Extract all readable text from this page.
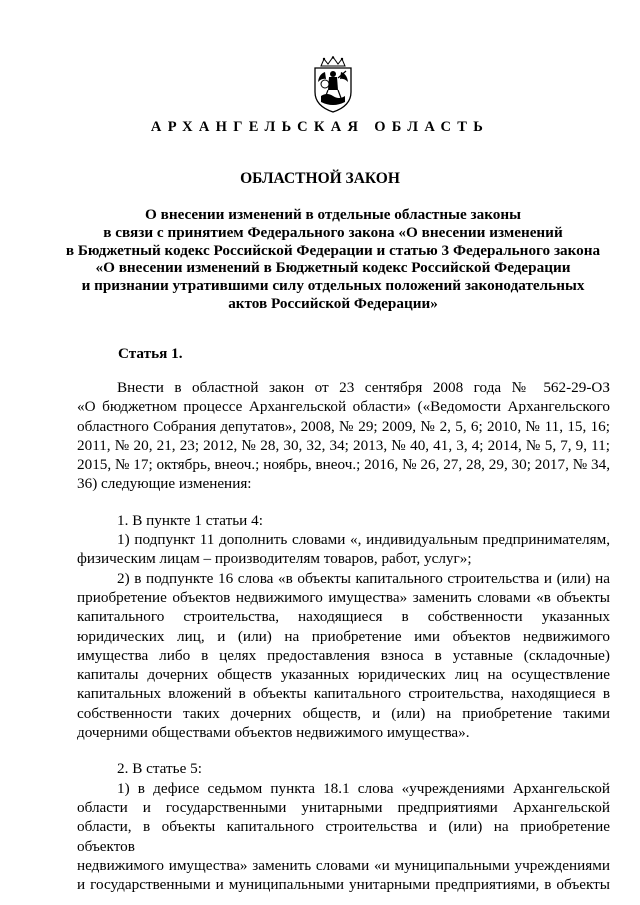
АРХАНГЕЛЬСКАЯ ОБЛАСТЬ
ОБЛАСТНОЙ ЗАКОН
О внесении изменений в отдельные областные законы
в связи с принятием Федерального закона «О внесении изменений
в Бюджетный кодекс Российской Федерации и статью 3 Федерального закона
«О внесении изменений в Бюджетный кодекс Российской Федерации
и признании утратившими силу отдельных положений законодательных
актов Российской Федерации»
Статья 1.
Внести в областной закон от 23 сентября 2008 года № 562-29-ОЗ
«О бюджетном процессе Архангельской области» («Ведомости Архангельского
областного Собрания депутатов», 2008, № 29; 2009, № 2, 5, 6; 2010, № 11, 15, 16;
2011, № 20, 21, 23; 2012, № 28, 30, 32, 34; 2013, № 40, 41, 3, 4; 2014, № 5, 7, 9, 11;
2015, № 17; октябрь, внеоч.; ноябрь, внеоч.; 2016, № 26, 27, 28, 29, 30; 2017, № 34,
36) следующие изменения:
1. В пункте 1 статьи 4:
1) подпункт 11 дополнить словами «, индивидуальным предпринимателям,
физическим лицам – производителям товаров, работ, услуг»;
2) в подпункте 16 слова «в объекты капитального строительства и (или) на
приобретение объектов недвижимого имущества» заменить словами «в объекты
капитального строительства, находящиеся в собственности указанных
юридических лиц, и (или) на приобретение ими объектов недвижимого
имущества либо в целях предоставления взноса в уставные (складочные)
капиталы дочерних обществ указанных юридических лиц на осуществление
капитальных вложений в объекты капитального строительства, находящиеся в
собственности таких дочерних обществ, и (или) на приобретение такими
дочерними обществами объектов недвижимого имущества».
2. В статье 5:
1) в дефисе седьмом пункта 18.1 слова «учреждениями Архангельской
области и государственными унитарными предприятиями Архангельской
области, в объекты капитального строительства и (или) на приобретение объектов
недвижимого имущества» заменить словами «и муниципальными учреждениями
и государственными и муниципальными унитарными предприятиями, в объекты
